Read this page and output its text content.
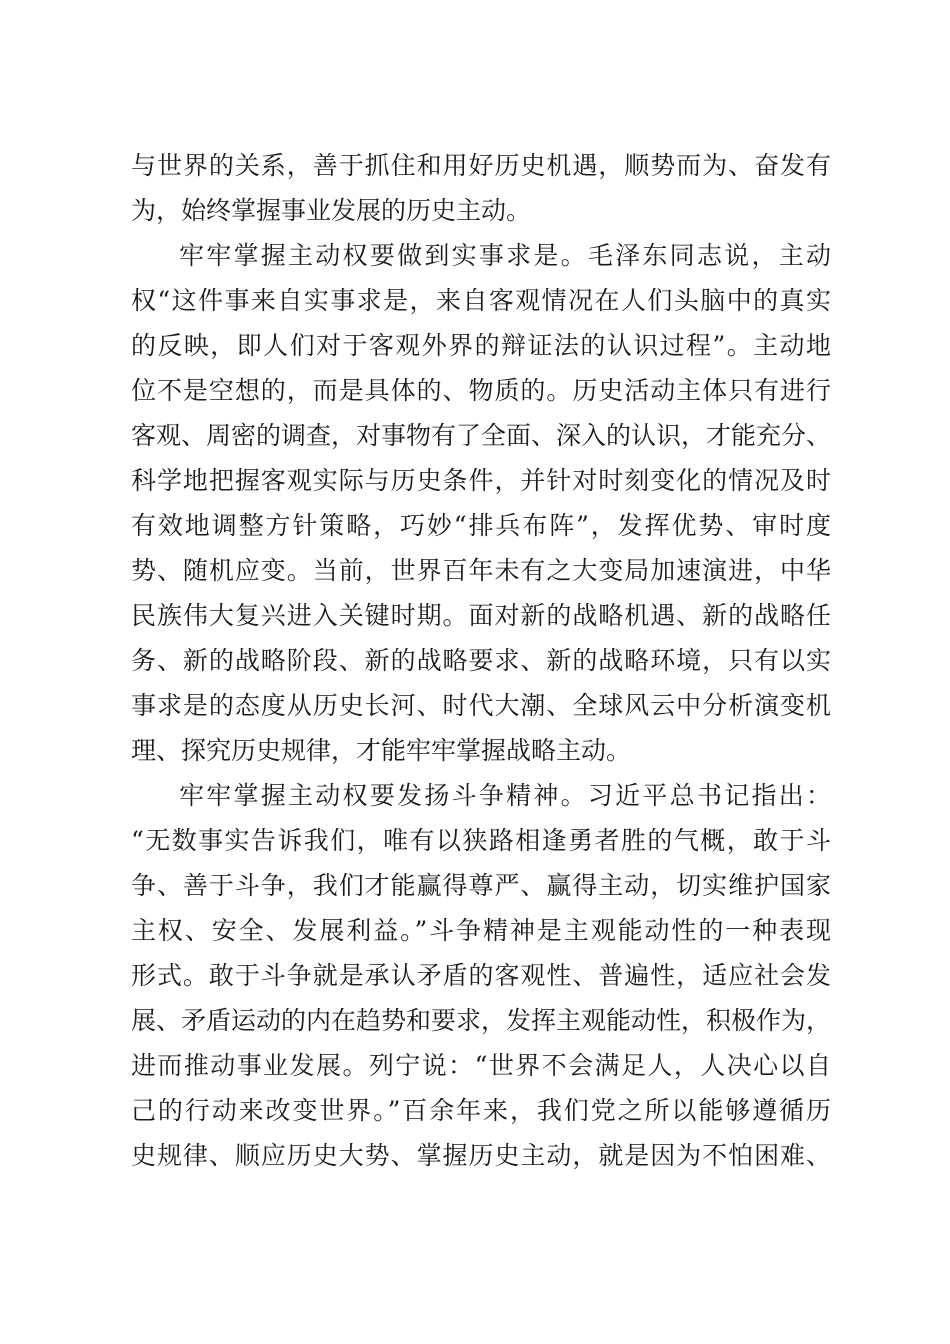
与世界的关系，善于抓住和用好历史机遇，顺势而为、奋发有
为，始终掌握事业发展的历史主动。
牢牢掌握主动权要做到实事求是。毛泽东同志说，主动
权“这件事来自实事求是，来自客观情况在人们头脑中的真实
的反映，即人们对于客观外界的辩证法的认识过程”。主动地
位不是空想的，而是具体的、物质的。历史活动主体只有进行
客观、周密的调查，对事物有了全面、深入的认识，才能充分、
科学地把握客观实际与历史条件，并针对时刻变化的情况及时
有效地调整方针策略，巧妙“排兵布阵”，发挥优势、审时度
势、随机应变。当前，世界百年未有之大变局加速演进，中华
民族伟大复兴进入关键时期。面对新的战略机遇、新的战略任
务、新的战略阶段、新的战略要求、新的战略环境，只有以实
事求是的态度从历史长河、时代大潮、全球风云中分析演变机
理、探究历史规律，才能牢牢掌握战略主动。
牢牢掌握主动权要发扬斗争精神。习近平总书记指出：
“无数事实告诉我们，唯有以狭路相逢勇者胜的气概，敢于斗
争、善于斗争，我们才能赢得尊严、赢得主动，切实维护国家
主权、安全、发展利益。”斗争精神是主观能动性的一种表现
形式。敢于斗争就是承认矛盾的客观性、普遍性，适应社会发
展、矛盾运动的内在趋势和要求，发挥主观能动性，积极作为，
进而推动事业发展。列宁说：“世界不会满足人，人决心以自
己的行动来改变世界。”百余年来，我们党之所以能够遵循历
史规律、顺应历史大势、掌握历史主动，就是因为不怕困难、
